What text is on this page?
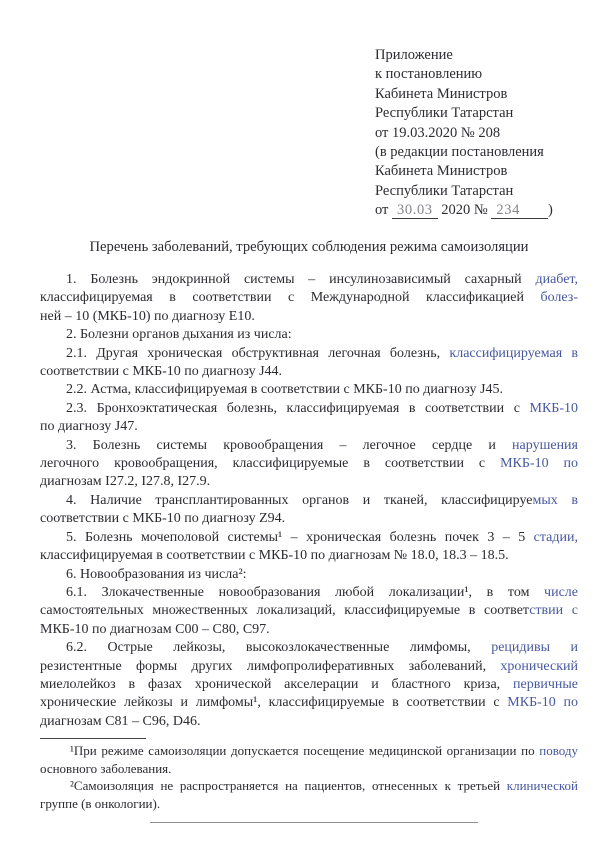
Приложение
к постановлению
Кабинета Министров
Республики Татарстан
от 19.03.2020 № 208
(в редакции постановления
Кабинета Министров
Республики Татарстан
от 30.03 2020 № 234 )
Перечень заболеваний, требующих соблюдения режима самоизоляции
1. Болезнь эндокринной системы – инсулинозависимый сахарный диабет,
классифицируемая в соответствии с Международной классификацией болез-
ней – 10 (МКБ-10) по диагнозу Е10.
2. Болезни органов дыхания из числа:
2.1. Другая хроническая обструктивная легочная болезнь, классифицируемая в
соответствии с МКБ-10 по диагнозу J44.
2.2. Астма, классифицируемая в соответствии с МКБ-10 по диагнозу J45.
2.3. Бронхоэктатическая болезнь, классифицируемая в соответствии с МКБ-10
по диагнозу J47.
3. Болезнь системы кровообращения – легочное сердце и нарушения
легочного кровообращения, классифицируемые в соответствии с МКБ-10 по
диагнозам I27.2, I27.8, I27.9.
4. Наличие трансплантированных органов и тканей, классифицируемых в
соответствии с МКБ-10 по диагнозу Z94.
5. Болезнь мочеполовой системы¹ – хроническая болезнь почек 3 – 5 стадии,
классифицируемая в соответствии с МКБ-10 по диагнозам № 18.0, 18.3 – 18.5.
6. Новообразования из числа²:
6.1. Злокачественные новообразования любой локализации¹, в том числе
самостоятельных множественных локализаций, классифицируемые в соответствии с
МКБ-10 по диагнозам С00 – С80, С97.
6.2. Острые лейкозы, высокозлокачественные лимфомы, рецидивы и
резистентные формы других лимфопролиферативных заболеваний, хронический
миелолейкоз в фазах хронической акселерации и бластного криза, первичные
хронические лейкозы и лимфомы¹, классифицируемые в соответствии с МКБ-10 по
диагнозам С81 – С96, D46.
¹При режиме самоизоляции допускается посещение медицинской организации по поводу
основного заболевания.
²Самоизоляция не распространяется на пациентов, отнесенных к третьей клинической
группе (в онкологии).
